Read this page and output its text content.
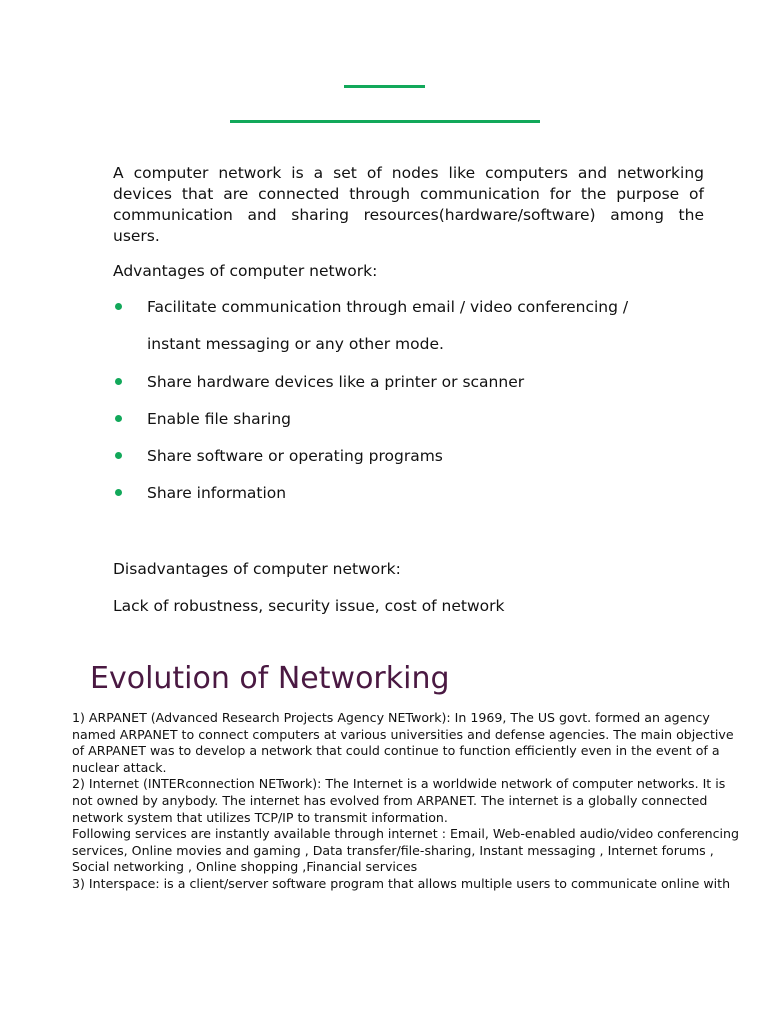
A computer network is a set of nodes like computers and networking devices that are connected through communication for the purpose of communication and sharing resources(hardware/software) among the users.

Advantages of computer network:

Facilitate communication through email / video conferencing /
instant messaging or any other mode.
Share hardware devices like a printer or scanner
Enable file sharing
Share software or operating programs
Share information

Disadvantages of computer network:

Lack of robustness, security issue, cost of network

Evolution of Networking

1) ARPANET (Advanced Research Projects Agency NETwork): In 1969, The US govt. formed an agency named ARPANET to connect computers at various universities and defense agencies. The main objective of ARPANET was to develop a network that could continue to function efficiently even in the event of a nuclear attack.

2) Internet (INTERconnection NETwork): The Internet is a worldwide network of computer networks. It is not owned by anybody. The internet has evolved from ARPANET. The internet is a globally connected network system that utilizes TCP/IP to transmit information.

Following services are instantly available through internet : Email, Web-enabled audio/video conferencing services, Online movies and gaming , Data transfer/file-sharing, Instant messaging , Internet forums , Social networking , Online shopping ,Financial services

3) Interspace: is a client/server software program that allows multiple users to communicate online with
